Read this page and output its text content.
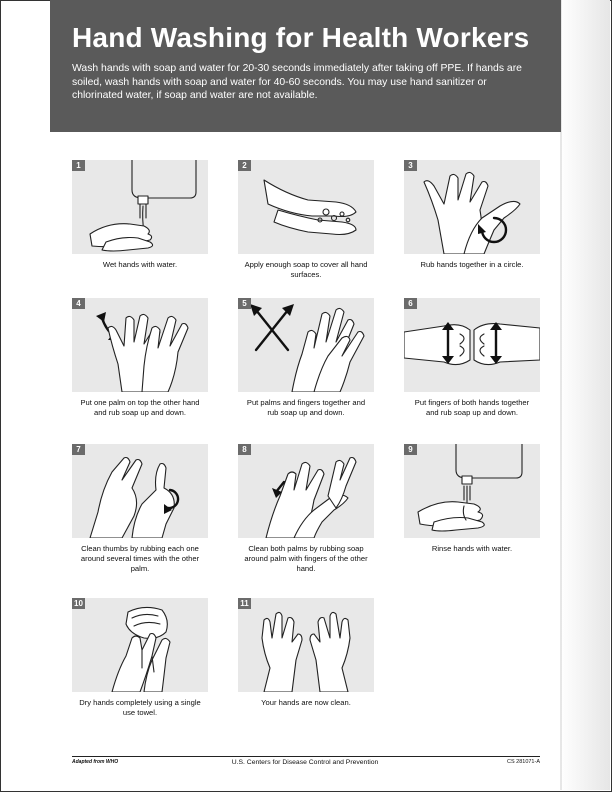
Hand Washing for Health Workers

Wash hands with soap and water for 20-30 seconds immediately after taking off PPE. If hands are soiled, wash hands with soap and water for 40-60 seconds. You may use hand sanitizer or chlorinated water, if soap and water are not available.

1
Wet hands with water.
2
Apply enough soap to cover all hand surfaces.
3
Rub hands together in a circle.
4
Put one palm on top the other hand and rub soap up and down.
5
Put palms and fingers together and rub soap up and down.
6
Put fingers of both hands together and rub soap up and down.
7
Clean thumbs by rubbing each one around several times with the other palm.
8
Clean both palms by rubbing soap around palm with fingers of the other hand.
9
Rinse hands with water.
10
Dry hands completely using a single use towel.
11
Your hands are now clean.
Adapted from WHO	U.S. Centers for Disease Control and Prevention	CS 281071-A
